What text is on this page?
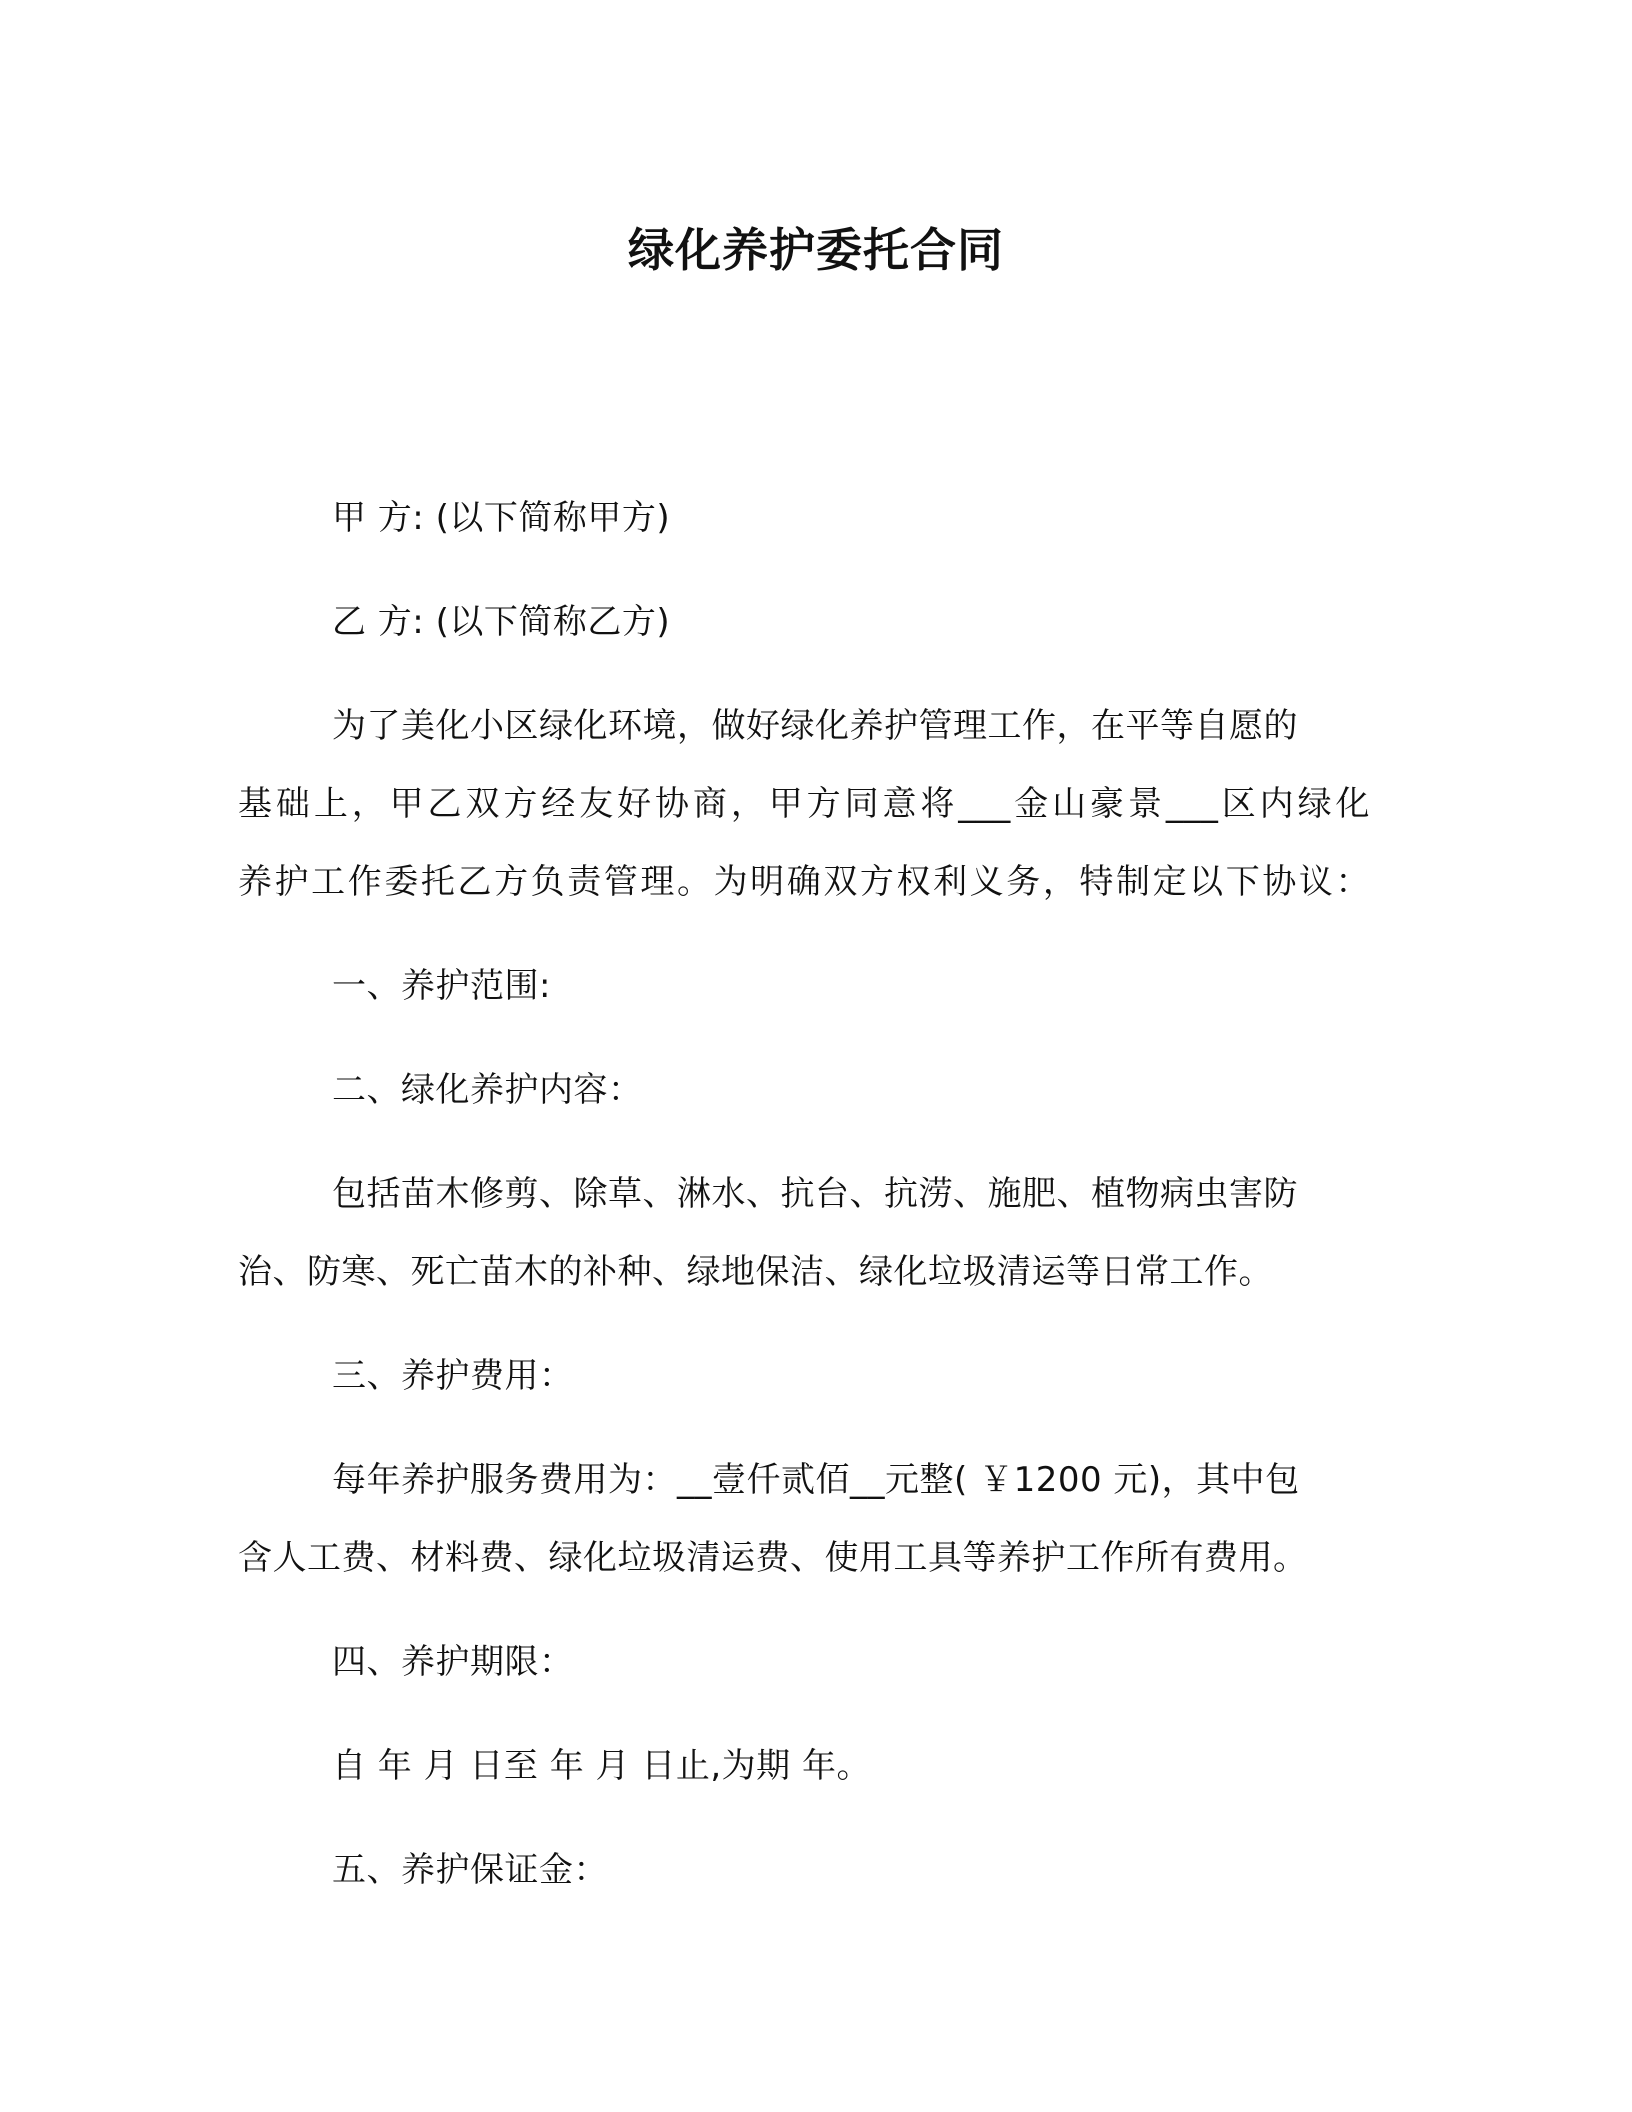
绿化养护委托合同
甲 方: (以下简称甲方)
乙 方: (以下简称乙方)
为了美化小区绿化环境，做好绿化养护管理工作，在平等自愿的
基础上，甲乙双方经友好协商，甲方同意将___金山豪景___区内绿化
养护工作委托乙方负责管理。为明确双方权利义务，特制定以下协议：
一、养护范围:
二、绿化养护内容：
包括苗木修剪、除草、淋水、抗台、抗涝、施肥、植物病虫害防
治、防寒、死亡苗木的补种、绿地保洁、绿化垃圾清运等日常工作。
三、养护费用：
每年养护服务费用为：__壹仟贰佰__元整( ￥1200 元)，其中包
含人工费、材料费、绿化垃圾清运费、使用工具等养护工作所有费用。
四、养护期限：
自 年 月 日至 年 月 日止,为期 年。
五、养护保证金：
